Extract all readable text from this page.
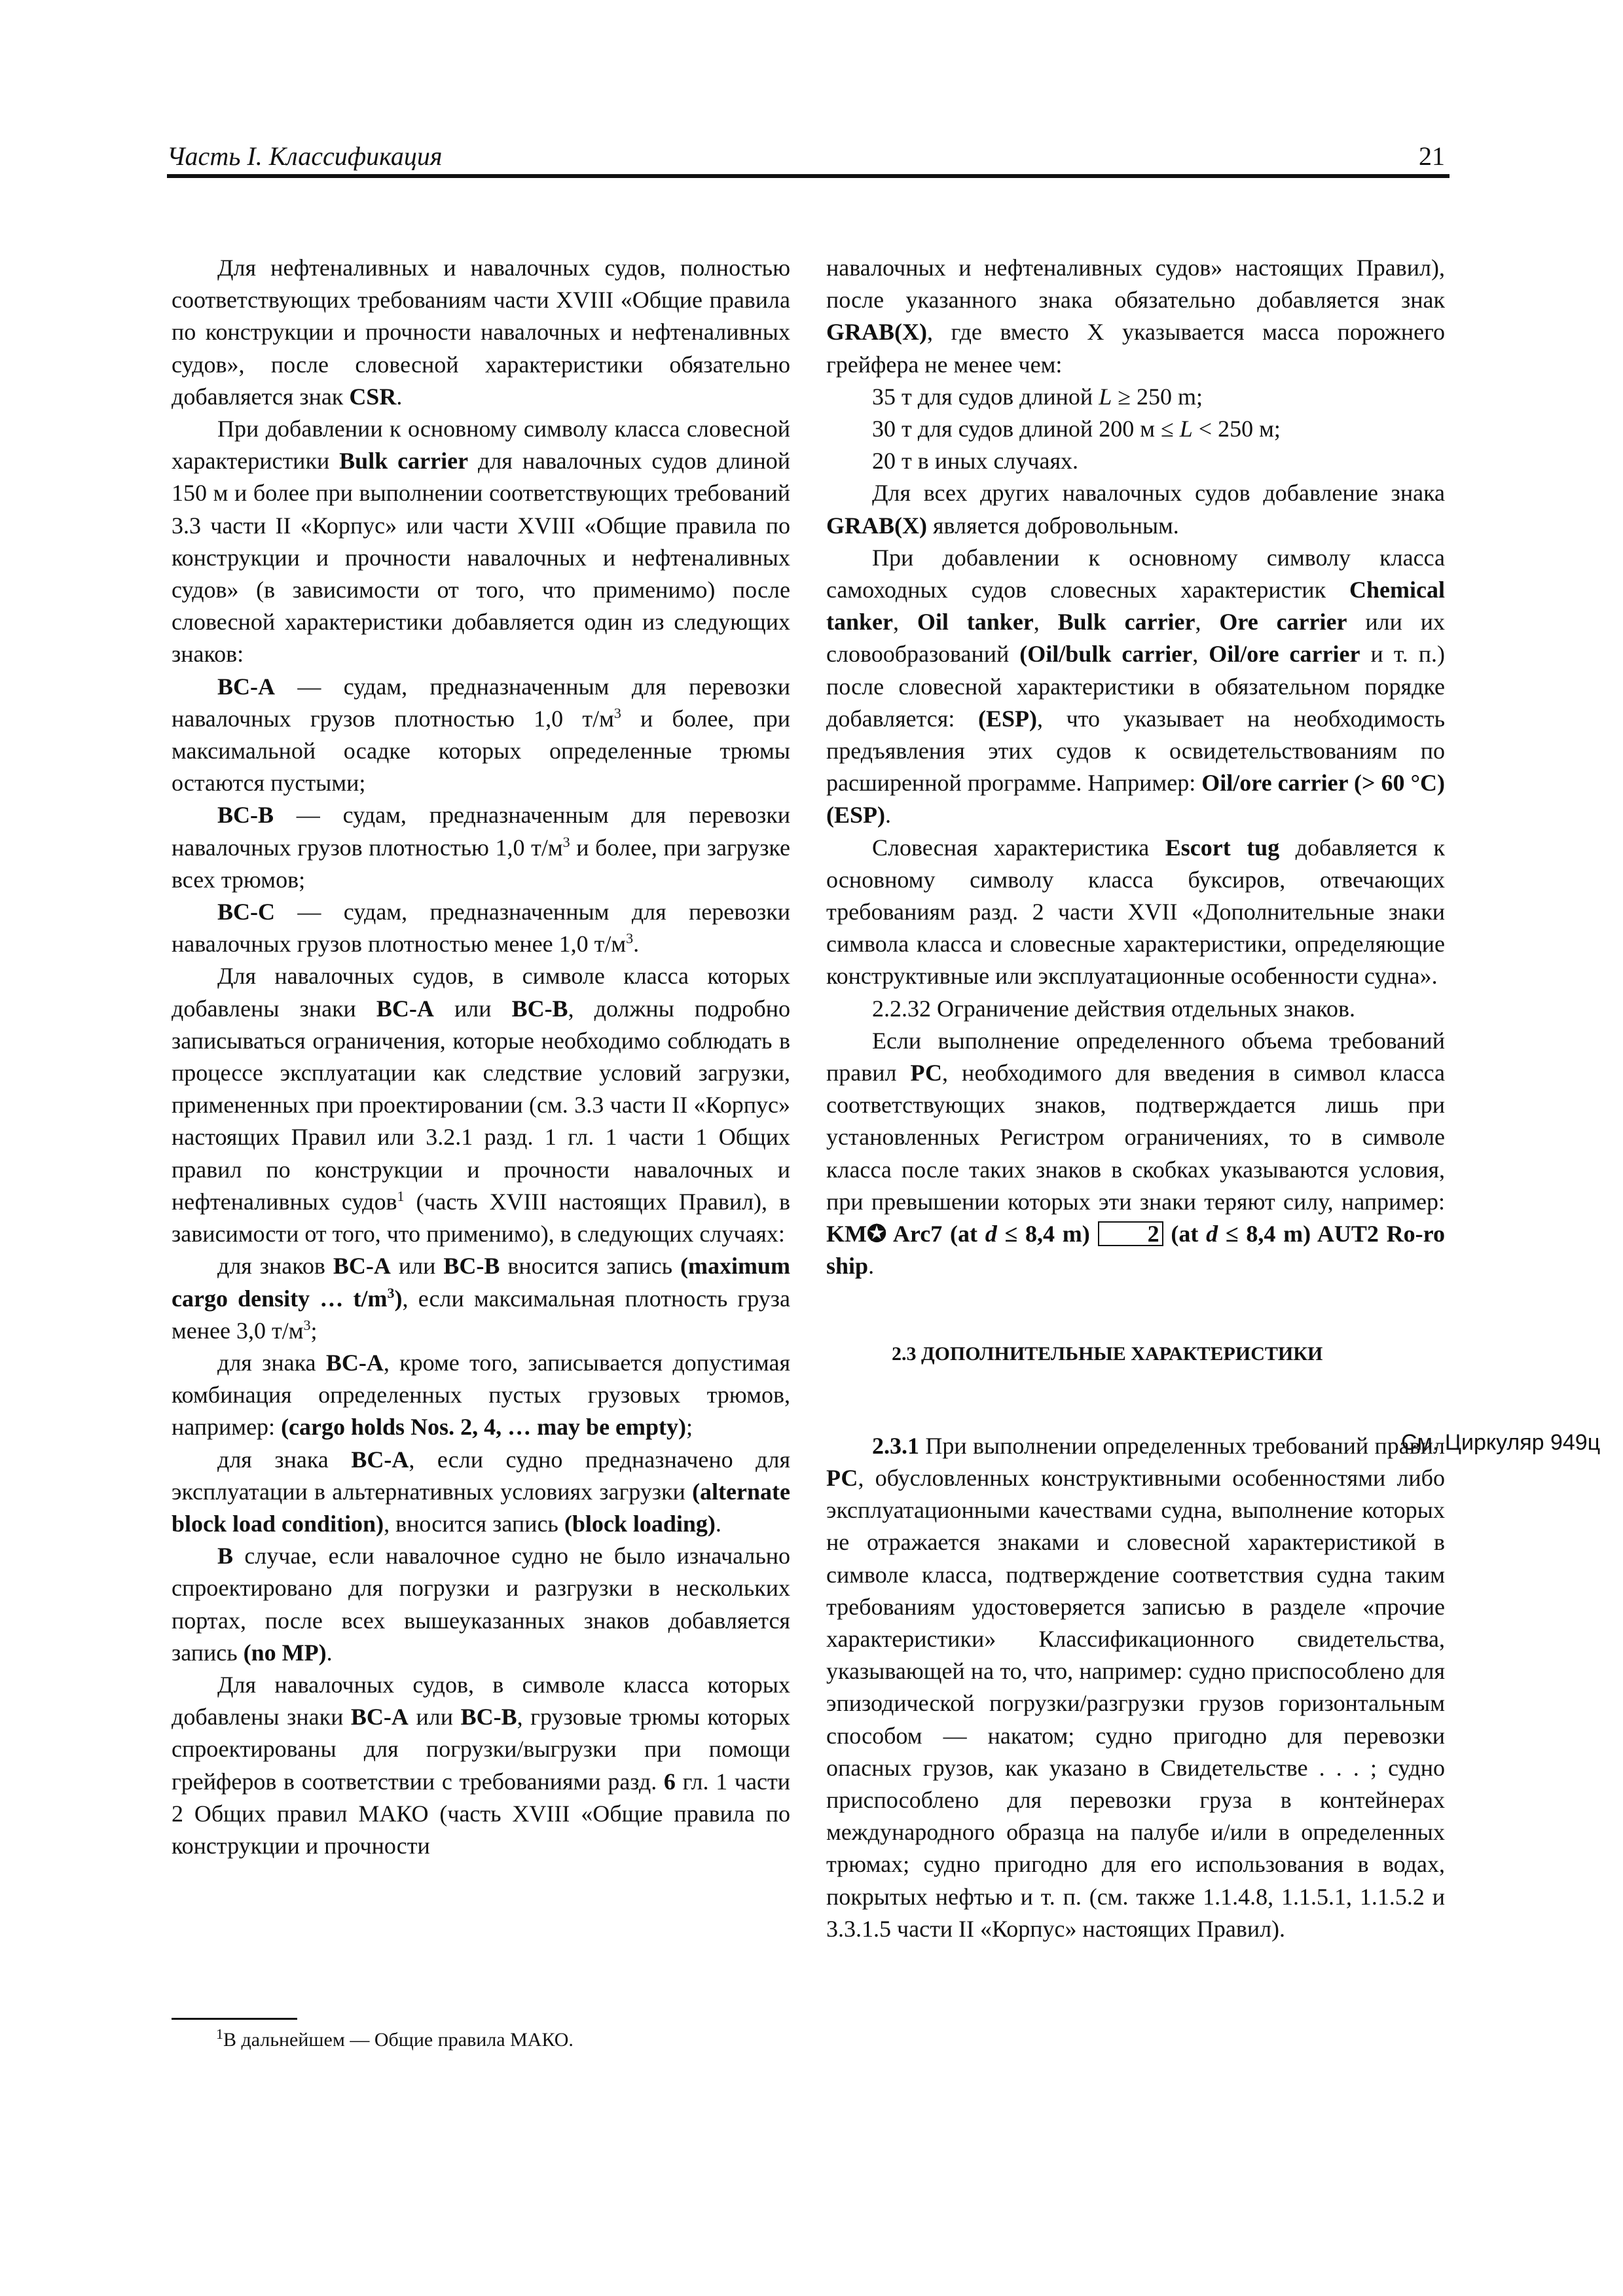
Часть I. Классификация	21

Для нефтеналивных и навалочных судов, полностью соответствующих требованиям части XVIII «Общие правила по конструкции и прочности навалочных и нефтеналивных судов», после словесной характеристики обязательно добавляется знак CSR.

При добавлении к основному символу класса словесной характеристики Bulk carrier для навалочных судов длиной 150 м и более при выполнении соответствующих требований 3.3 части II «Корпус» или части XVIII «Общие правила по конструкции и прочности навалочных и нефтеналивных судов» (в зависимости от того, что применимо) после словесной характеристики добавляется один из следующих знаков:

BC-A — судам, предназначенным для перевозки навалочных грузов плотностью 1,0 $т/м^3$ и более, при максимальной осадке которых определенные трюмы остаются пустыми;

BC-B — судам, предназначенным для перевозки навалочных грузов плотностью 1,0 $т/м^3$ и более, при загрузке всех трюмов;

BC-C — судам, предназначенным для перевозки навалочных грузов плотностью менее 1,0 $т/м^3$.

Для навалочных судов, в символе класса которых добавлены знаки BC-A или BC-B, должны подробно записываться ограничения, которые необходимо соблюдать в процессе эксплуатации как следствие условий загрузки, примененных при проектировании (см. 3.3 части II «Корпус» настоящих Правил или 3.2.1 разд. 1 гл. 1 части 1 Общих правил по конструкции и прочности навалочных и нефтеналивных судов$^1$ (часть XVIII настоящих Правил), в зависимости от того, что применимо), в следующих случаях:

для знаков BC-A или BC-B вносится запись (maximum cargo density … $t/m^3$), если максимальная плотность груза менее 3,0 $т/м^3$;

для знака BC-A, кроме того, записывается допустимая комбинация определенных пустых грузовых трюмов, например: (cargo holds Nos. 2, 4, … may be empty);

для знака BC-A, если судно предназначено для эксплуатации в альтернативных условиях загрузки (alternate block load condition), вносится запись (block loading).

B случае, если навалочное судно не было изначально спроектировано для погрузки и разгрузки в нескольких портах, после всех вышеуказанных знаков добавляется запись (no MP).

Для навалочных судов, в символе класса которых добавлены знаки BC-A или BC-B, грузовые трюмы которых спроектированы для погрузки/выгрузки при помощи грейферов в соответствии с требованиями разд. 6 гл. 1 части 2 Общих правил МАКО (часть XVIII «Общие правила по конструкции и прочности

навалочных и нефтеналивных судов» настоящих Правил), после указанного знака обязательно добавляется знак GRAB(X), где вместо X указывается масса порожнего грейфера не менее чем:

35 т для судов длиной L ≥ 250 m;

30 т для судов длиной 200 м ≤ L < 250 м;

20 т в иных случаях.

Для всех других навалочных судов добавление знака GRAB(X) является добровольным.

При добавлении к основному символу класса самоходных судов словесных характеристик Chemical tanker, Oil tanker, Bulk carrier, Ore carrier или их словообразований (Oil/bulk carrier, Oil/ore carrier и т. п.) после словесной характеристики в обязательном порядке добавляется: (ESP), что указывает на необходимость предъявления этих судов к освидетельствованиям по расширенной программе. Например: Oil/ore carrier (> 60 °C)(ESP).

Словесная характеристика Escort tug добавляется к основному символу класса буксиров, отвечающих требованиям разд. 2 части XVII «Дополнительные знаки символа класса и словесные характеристики, определяющие конструктивные или эксплуатационные особенности судна».

2.2.32 Ограничение действия отдельных знаков.

Если выполнение определенного объема требований правил РС, необходимого для введения в символ класса соответствующих знаков, подтверждается лишь при установленных Регистром ограничениях, то в символе класса после таких знаков в скобках указываются условия, при превышении которых эти знаки теряют силу, например: KM✪ Arc7 (at d ≤ 8,4 m) 2 (at d ≤ 8,4 m) AUT2 Ro-ro ship.

2.3 ДОПОЛНИТЕЛЬНЫЕ ХАРАКТЕРИСТИКИ

2.3.1 При выполнении определенных требований правил РС, обусловленных конструктивными особенностями либо эксплуатационными качествами судна, выполнение которых не отражается знаками и словесной характеристикой в символе класса, подтверждение соответствия судна таким требованиям удостоверяется записью в разделе «прочие характеристики» Классификационного свидетельства, указывающей на то, что, например: судно приспособлено для эпизодической погрузки/разгрузки грузов горизонтальным способом — накатом; судно пригодно для перевозки опасных грузов, как указано в Свидетельстве . . . ; судно приспособлено для перевозки груза в контейнерах международного образца на палубе и/или в определенных трюмах; судно пригодно для его использования в водах, покрытых нефтью и т. п. (см. также 1.1.4.8, 1.1.5.1, 1.1.5.2 и 3.3.1.5 части II «Корпус» настоящих Правил).

См. Циркуляр 949ц
$^1$В дальнейшем — Общие правила МАКО.
